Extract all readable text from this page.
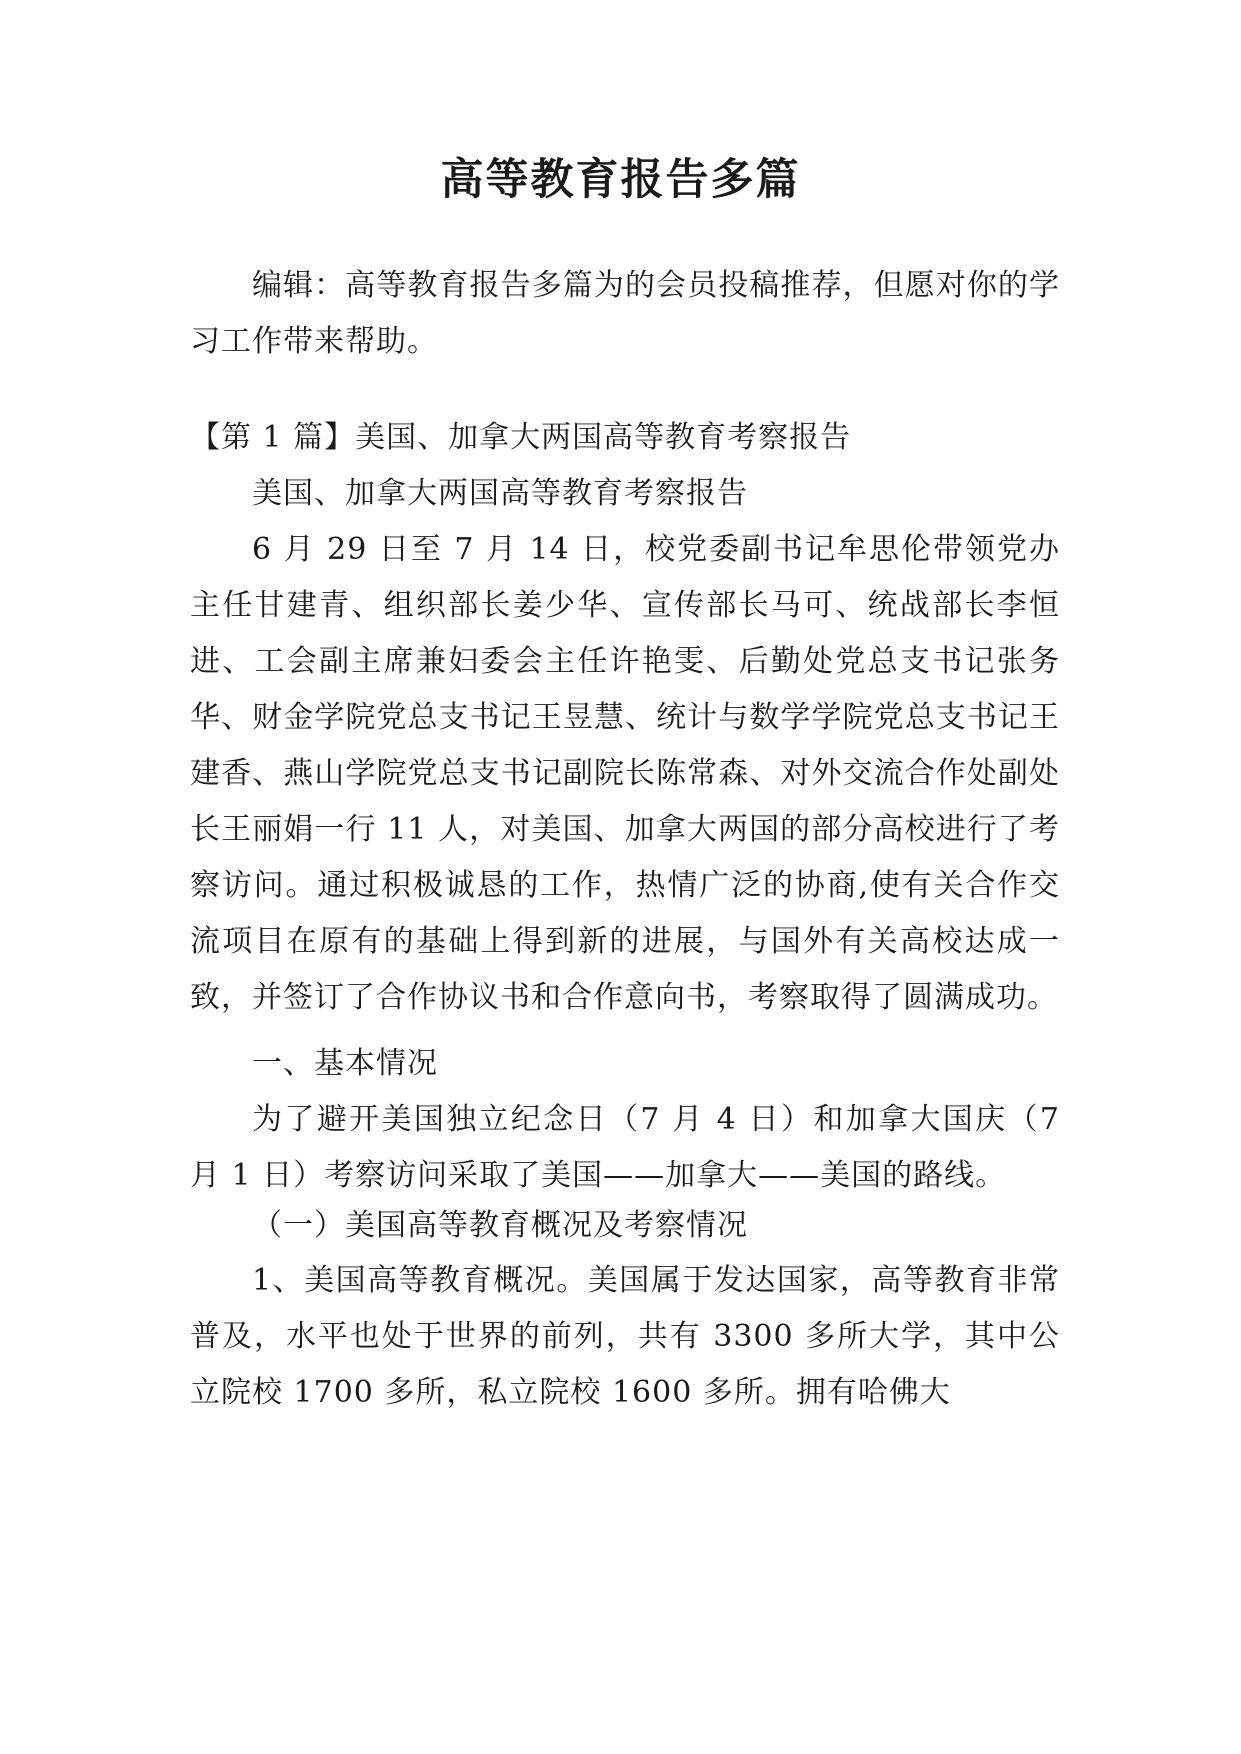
高等教育报告多篇
编辑：高等教育报告多篇为的会员投稿推荐，但愿对你的学习工作带来帮助。
【第 1 篇】美国、加拿大两国高等教育考察报告
美国、加拿大两国高等教育考察报告
6 月 29 日至 7 月 14 日，校党委副书记牟思伦带领党办主任甘建青、组织部长姜少华、宣传部长马可、统战部长李恒进、工会副主席兼妇委会主任许艳雯、后勤处党总支书记张务华、财金学院党总支书记王昱慧、统计与数学学院党总支书记王建香、燕山学院党总支书记副院长陈常森、对外交流合作处副处长王丽娟一行 11 人，对美国、加拿大两国的部分高校进行了考察访问。通过积极诚恳的工作，热情广泛的协商,使有关合作交流项目在原有的基础上得到新的进展，与国外有关高校达成一致，并签订了合作协议书和合作意向书，考察取得了圆满成功。
一、基本情况
为了避开美国独立纪念日（7 月 4 日）和加拿大国庆（7 月 1 日）考察访问采取了美国——加拿大——美国的路线。
（一）美国高等教育概况及考察情况
1、美国高等教育概况。美国属于发达国家，高等教育非常普及，水平也处于世界的前列，共有 3300 多所大学，其中公立院校 1700 多所，私立院校 1600 多所。拥有哈佛大
